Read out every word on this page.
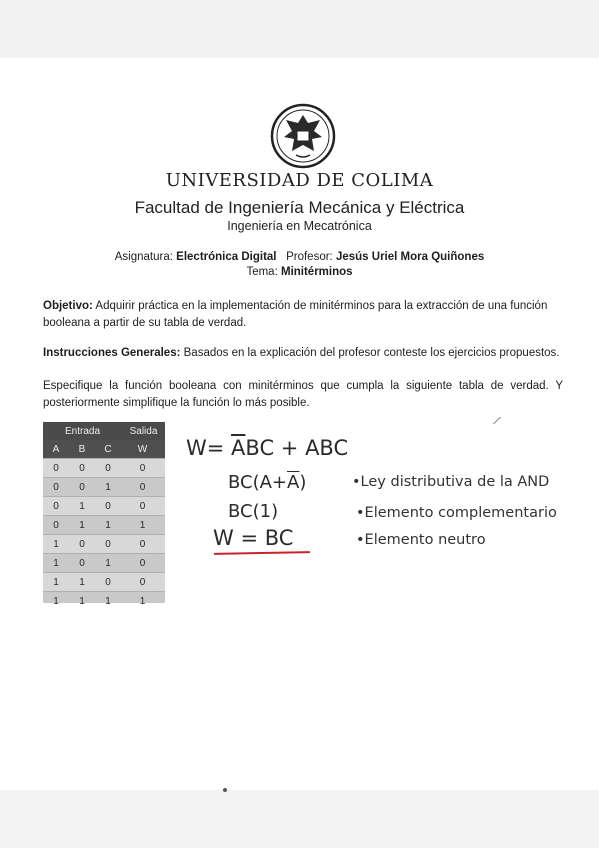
UNIVERSIDAD DE COLIMA
Facultad de Ingeniería Mecánica y Eléctrica
Ingeniería en Mecatrónica
Asignatura: Electrónica Digital Profesor: Jesús Uriel Mora Quiñones
Tema: Minitérminos
Objetivo: Adquirir práctica en la implementación de minitérminos para la extracción de una función booleana a partir de su tabla de verdad.
Instrucciones Generales: Basados en la explicación del profesor conteste los ejercicios propuestos.
Especifique la función booleana con minitérminos que cumpla la siguiente tabla de verdad. Y posteriormente simplifique la función lo más posible.
Entrada	Salida
A	B	C	W
0	0	0	0
0	0	1	0
0	1	0	0
0	1	1	1
1	0	0	0
1	0	1	0
1	1	0	0
1	1	1	1
$W= \overline{A}BC$ + ABC
$BC(A+\overline{A})$
BC(1)
W = BC
•Ley distributiva de la AND
•Elemento complementario
•Elemento neutro
